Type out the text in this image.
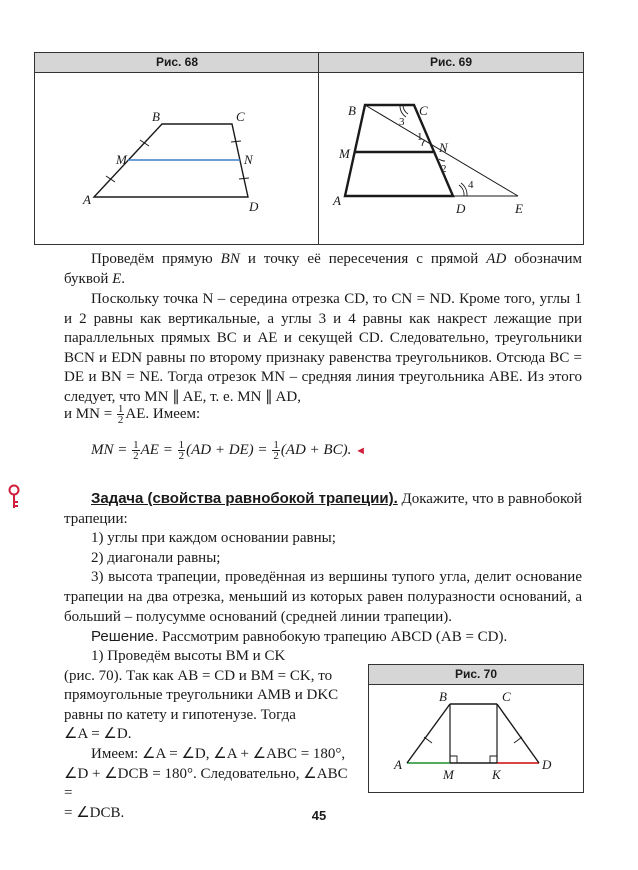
Рис. 68
B	C
M	N
A	D
Рис. 69
B	C
M	N
A
D	E
3
1
2
4

Проведём прямую BN и точку её пересечения с прямой AD обозначим буквой E.

Поскольку точка N – середина отрезка CD, то CN = ND. Кроме того, углы 1 и 2 равны как вертикальные, а углы 3 и 4 равны как накрест лежащие при параллельных прямых BC и AE и секущей CD. Следовательно, треугольники BCN и EDN равны по второму признаку равенства треугольников. Отсюда BC = DE и BN = NE. Тогда отрезок MN – средняя линия треугольника ABE. Из этого следует, что MN ∥ AE, т. е. MN ∥ AD,

и MN = $\frac{1}{2}$ AE. Имеем:
MN = $\frac{1}{2}$ AE = $\frac{1}{2} (AD + DE) = \frac{1}{2} (AD + BC)$. ◄

Задача (свойства равнобокой трапеции). Докажите, что в равнобокой трапеции:

1) углы при каждом основании равны;

2) диагонали равны;

3) высота трапеции, проведённая из вершины тупого угла, делит основание трапеции на два отрезка, меньший из которых равен полуразности оснований, а больший – полусумме оснований (средней линии трапеции).

Решение. Рассмотрим равнобокую трапецию ABCD (AB = CD).

1) Проведём высоты BM и CK

(рис. 70). Так как AB = CD и BM = CK, то

прямоугольные треугольники AMB и DKC

равны по катету и гипотенузе. Тогда

∠A = ∠D.

Имеем: ∠A = ∠D, ∠A + ∠ABC = 180°,

∠D + ∠DCB = 180°. Следовательно, ∠ABC =

= ∠DCB.

Рис. 70
B	C
A	D
M	K
45
